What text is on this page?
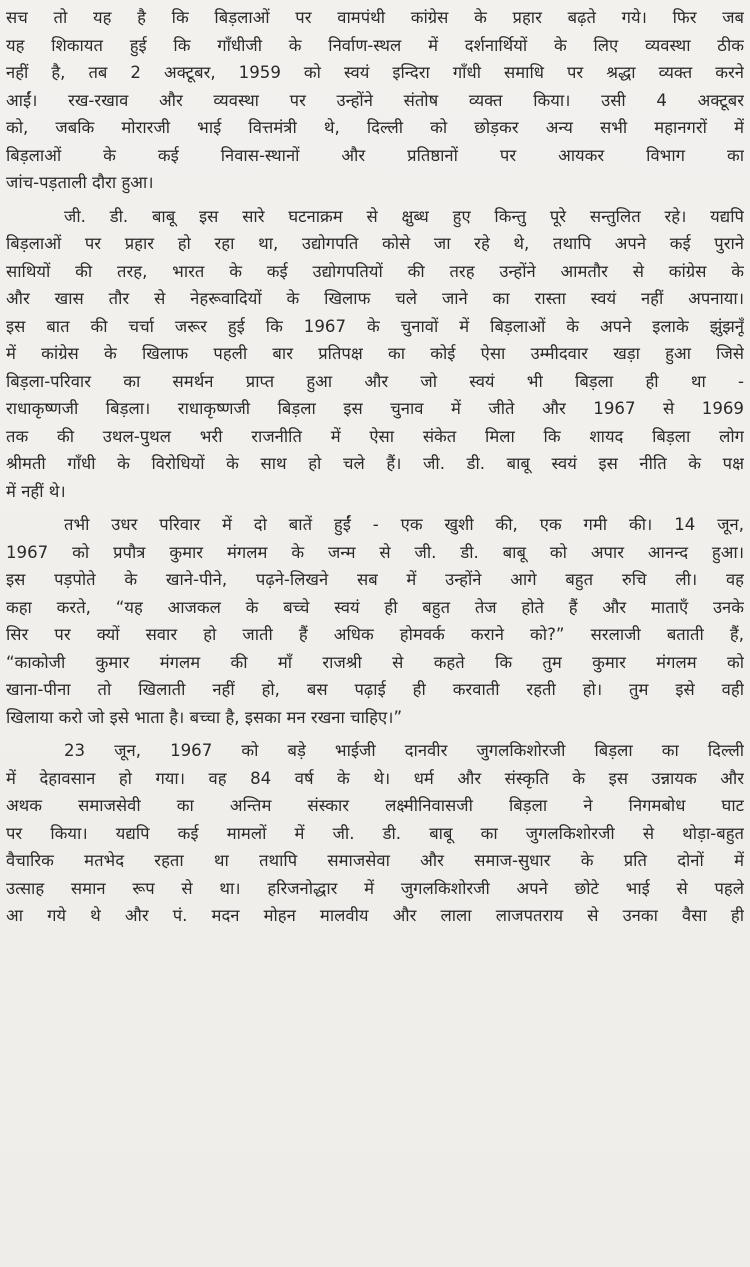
सच तो यह है कि बिड़लाओं पर वामपंथी कांग्रेस के प्रहार बढ़ते गये। फिर जब
यह शिकायत हुई कि गाँधीजी के निर्वाण-स्थल में दर्शनार्थियों के लिए व्यवस्था ठीक
नहीं है, तब 2 अक्टूबर, 1959 को स्वयं इन्दिरा गाँधी समाधि पर श्रद्धा व्यक्त करने
आईं। रख-रखाव और व्यवस्था पर उन्होंने संतोष व्यक्त किया। उसी 4 अक्टूबर
को, जबकि मोरारजी भाई वित्तमंत्री थे, दिल्ली को छोड़कर अन्य सभी महानगरों में
बिड़लाओं के कई निवास-स्थानों और प्रतिष्ठानों पर आयकर विभाग का
जांच-पड़ताली दौरा हुआ।
जी. डी. बाबू इस सारे घटनाक्रम से क्षुब्ध हुए किन्तु पूरे सन्तुलित रहे। यद्यपि
बिड़लाओं पर प्रहार हो रहा था, उद्योगपति कोसे जा रहे थे, तथापि अपने कई पुराने
साथियों की तरह, भारत के कई उद्योगपतियों की तरह उन्होंने आमतौर से कांग्रेस के
और खास तौर से नेहरूवादियों के खिलाफ चले जाने का रास्ता स्वयं नहीं अपनाया।
इस बात की चर्चा जरूर हुई कि 1967 के चुनावों में बिड़लाओं के अपने इलाके झुंझनूँ
में कांग्रेस के खिलाफ पहली बार प्रतिपक्ष का कोई ऐसा उम्मीदवार खड़ा हुआ जिसे
बिड़ला-परिवार का समर्थन प्राप्त हुआ और जो स्वयं भी बिड़ला ही था -
राधाकृष्णजी बिड़ला। राधाकृष्णजी बिड़ला इस चुनाव में जीते और 1967 से 1969
तक की उथल-पुथल भरी राजनीति में ऐसा संकेत मिला कि शायद बिड़ला लोग
श्रीमती गाँधी के विरोधियों के साथ हो चले हैं। जी. डी. बाबू स्वयं इस नीति के पक्ष
में नहीं थे।
तभी उधर परिवार में दो बातें हुईं - एक खुशी की, एक गमी की। 14 जून,
1967 को प्रपौत्र कुमार मंगलम के जन्म से जी. डी. बाबू को अपार आनन्द हुआ।
इस पड़पोते के खाने-पीने, पढ़ने-लिखने सब में उन्होंने आगे बहुत रुचि ली। वह
कहा करते, “यह आजकल के बच्चे स्वयं ही बहुत तेज होते हैं और माताएँ उनके
सिर पर क्यों सवार हो जाती हैं अधिक होमवर्क कराने को?” सरलाजी बताती हैं,
“काकोजी कुमार मंगलम की माँ राजश्री से कहते कि तुम कुमार मंगलम को
खाना-पीना तो खिलाती नहीं हो, बस पढ़ाई ही करवाती रहती हो। तुम इसे वही
खिलाया करो जो इसे भाता है। बच्चा है, इसका मन रखना चाहिए।”
23 जून, 1967 को बड़े भाईजी दानवीर जुगलकिशोरजी बिड़ला का दिल्ली
में देहावसान हो गया। वह 84 वर्ष के थे। धर्म और संस्कृति के इस उन्नायक और
अथक समाजसेवी का अन्तिम संस्कार लक्ष्मीनिवासजी बिड़ला ने निगमबोध घाट
पर किया। यद्यपि कई मामलों में जी. डी. बाबू का जुगलकिशोरजी से थोड़ा-बहुत
वैचारिक मतभेद रहता था तथापि समाजसेवा और समाज-सुधार के प्रति दोनों में
उत्साह समान रूप से था। हरिजनोद्धार में जुगलकिशोरजी अपने छोटे भाई से पहले
आ गये थे और पं. मदन मोहन मालवीय और लाला लाजपतराय से उनका वैसा ही
